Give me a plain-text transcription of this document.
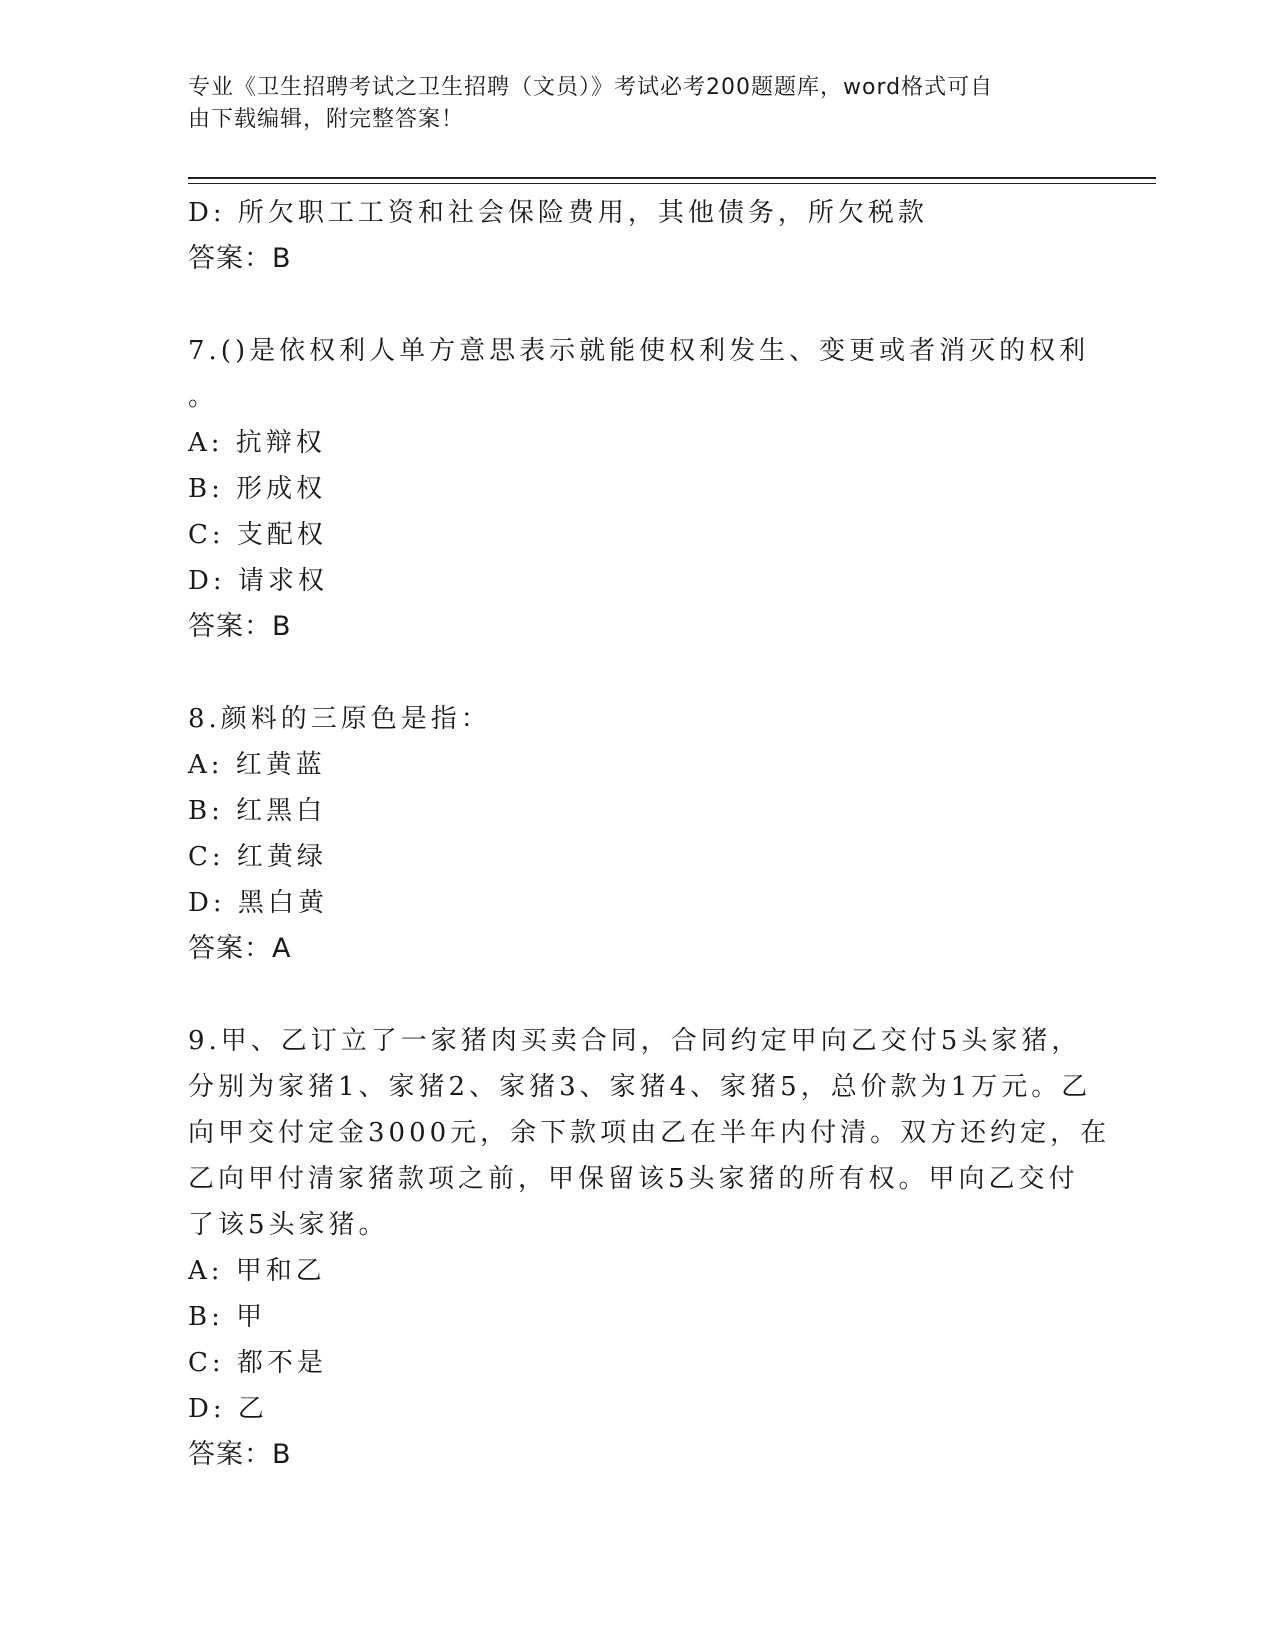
专业《卫生招聘考试之卫生招聘（文员）》考试必考200题题库，word格式可自
由下载编辑，附完整答案！
D: 所欠职工工资和社会保险费用，其他债务，所欠税款
答案：B
7.()是依权利人单方意思表示就能使权利发生、变更或者消灭的权利
。
A: 抗辩权
B: 形成权
C: 支配权
D: 请求权
答案：B
8.颜料的三原色是指：
A: 红黄蓝
B: 红黑白
C: 红黄绿
D: 黑白黄
答案：A
9.甲、乙订立了一家猪肉买卖合同，合同约定甲向乙交付5头家猪，
分别为家猪1、家猪2、家猪3、家猪4、家猪5，总价款为1万元。乙
向甲交付定金3000元，余下款项由乙在半年内付清。双方还约定，在
乙向甲付清家猪款项之前，甲保留该5头家猪的所有权。甲向乙交付
了该5头家猪。
A: 甲和乙
B: 甲
C: 都不是
D: 乙
答案：B
